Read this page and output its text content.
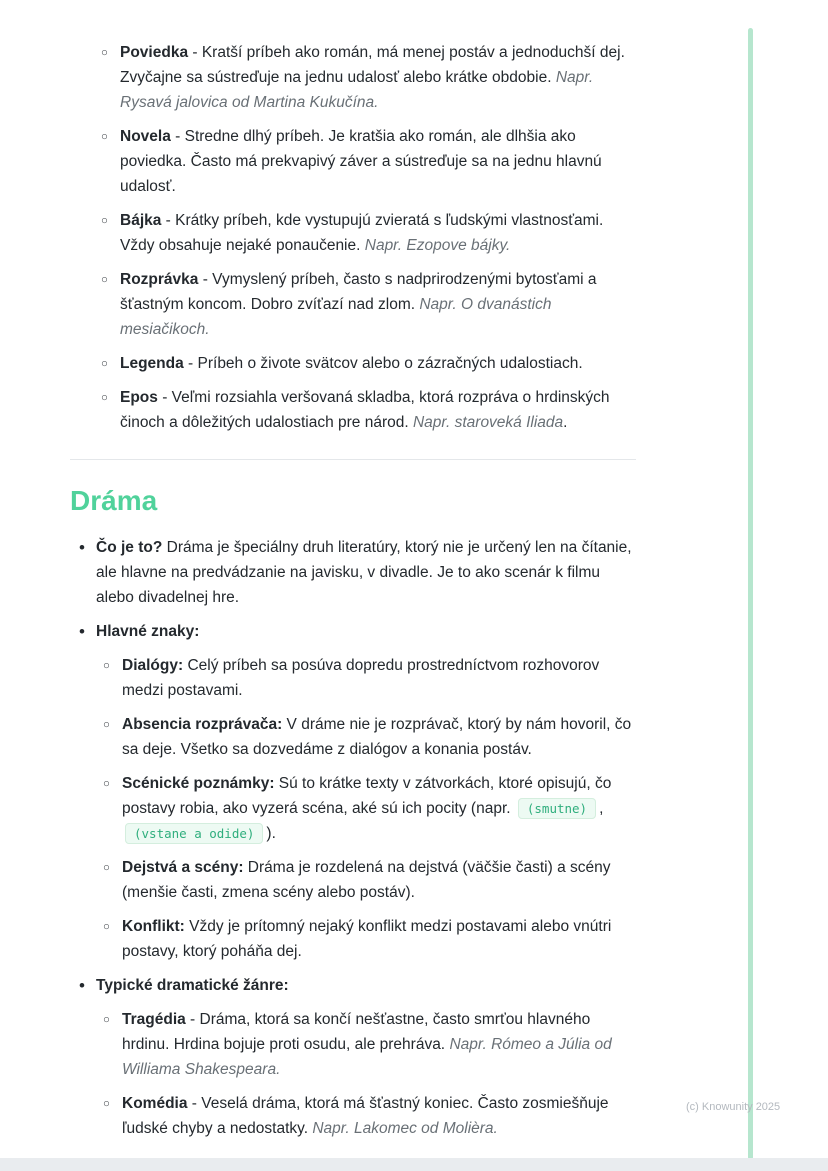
○ Poviedka - Kratší príbeh ako román, má menej postáv a jednoduchší dej. Zvyčajne sa sústreďuje na jednu udalosť alebo krátke obdobie. Napr. Rysavá jalovica od Martina Kukučína.
○ Novela - Stredne dlhý príbeh. Je kratšia ako román, ale dlhšia ako poviedka. Často má prekvapivý záver a sústreďuje sa na jednu hlavnú udalosť.
○ Bájka - Krátky príbeh, kde vystupujú zvieratá s ľudskými vlastnosťami. Vždy obsahuje nejaké ponaučenie. Napr. Ezopove bájky.
○ Rozprávka - Vymyslený príbeh, často s nadprirodzenými bytosťami a šťastným koncom. Dobro zvíťazí nad zlom. Napr. O dvanástich mesiačikoch.
○ Legenda - Príbeh o živote svätcov alebo o zázračných udalostiach.
○ Epos - Veľmi rozsiahla veršovaná skladba, ktorá rozpráva o hrdinských činoch a dôležitých udalostiach pre národ. Napr. staroveká Iliada.
Dráma
• Čo je to? Dráma je špeciálny druh literatúry, ktorý nie je určený len na čítanie, ale hlavne na predvádzanie na javisku, v divadle. Je to ako scenár k filmu alebo divadelnej hre.
• Hlavné znaky:
○ Dialógy: Celý príbeh sa posúva dopredu prostredníctvom rozhovorov medzi postavami.
○ Absencia rozprávača: V dráme nie je rozprávač, ktorý by nám hovoril, čo sa deje. Všetko sa dozvedáme z dialógov a konania postáv.
○ Scénické poznámky: Sú to krátke texty v zátvorkách, ktoré opisujú, čo postavy robia, ako vyzerá scéna, aké sú ich pocity (napr. (smutne) , (vstane a odide) ).
○ Dejstvá a scény: Dráma je rozdelená na dejstvá (väčšie časti) a scény (menšie časti, zmena scény alebo postáv).
○ Konflikt: Vždy je prítomný nejaký konflikt medzi postavami alebo vnútri postavy, ktorý poháňa dej.
• Typické dramatické žánre:
○ Tragédia - Dráma, ktorá sa končí nešťastne, často smrťou hlavného hrdinu. Hrdina bojuje proti osudu, ale prehráva. Napr. Rómeo a Júlia od Williama Shakespeara.
○ Komédia - Veselá dráma, ktorá má šťastný koniec. Často zosmiešňuje ľudské chyby a nedostatky. Napr. Lakomec od Molièra.
(c) Knowunity 2025
